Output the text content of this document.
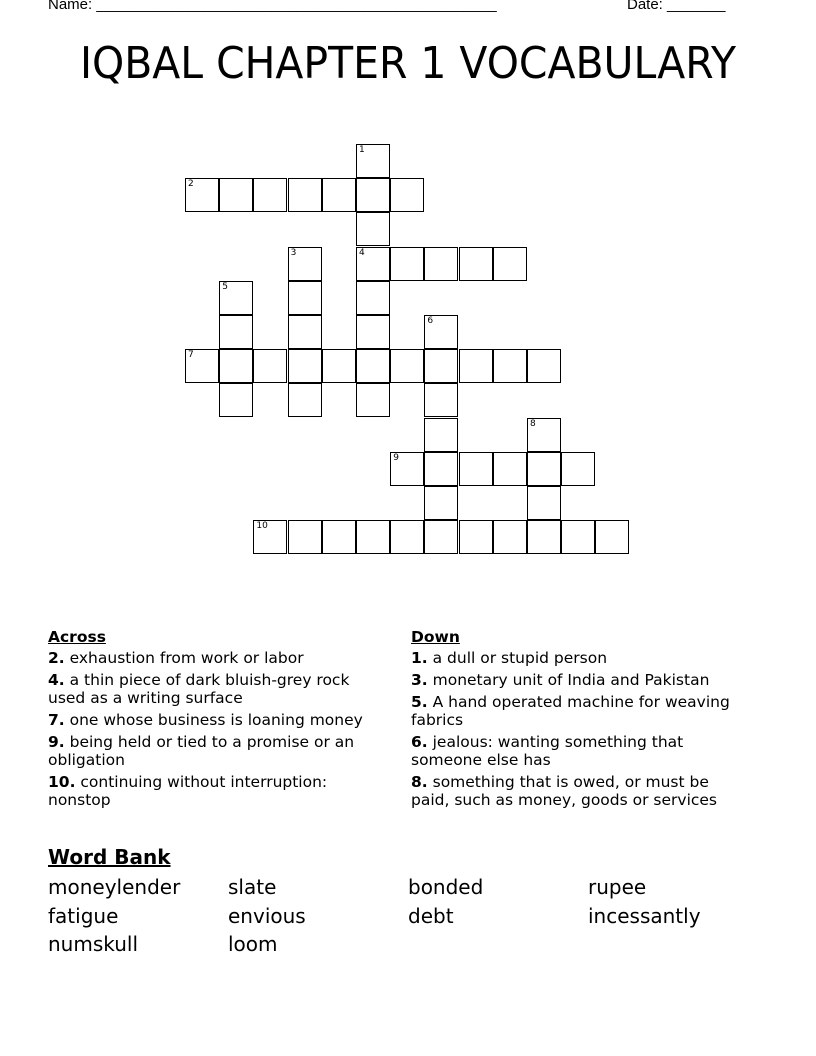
Name: ________________________________________________	Date: _______
IQBAL CHAPTER 1 VOCABULARY
1
4
2
3
5
6
7
8
9
10
Across
2. exhaustion from work or labor
4. a thin piece of dark bluish-grey rock used as a writing surface
7. one whose business is loaning money
9. being held or tied to a promise or an obligation
10. continuing without interruption: nonstop
Down
1. a dull or stupid person
3. monetary unit of India and Pakistan
5. A hand operated machine for weaving fabrics
6. jealous: wanting something that someone else has
8. something that is owed, or must be paid, such as money, goods or services
Word Bank
moneylender	slate	bonded	rupee
fatigue	envious	debt	incessantly
numskull	loom
